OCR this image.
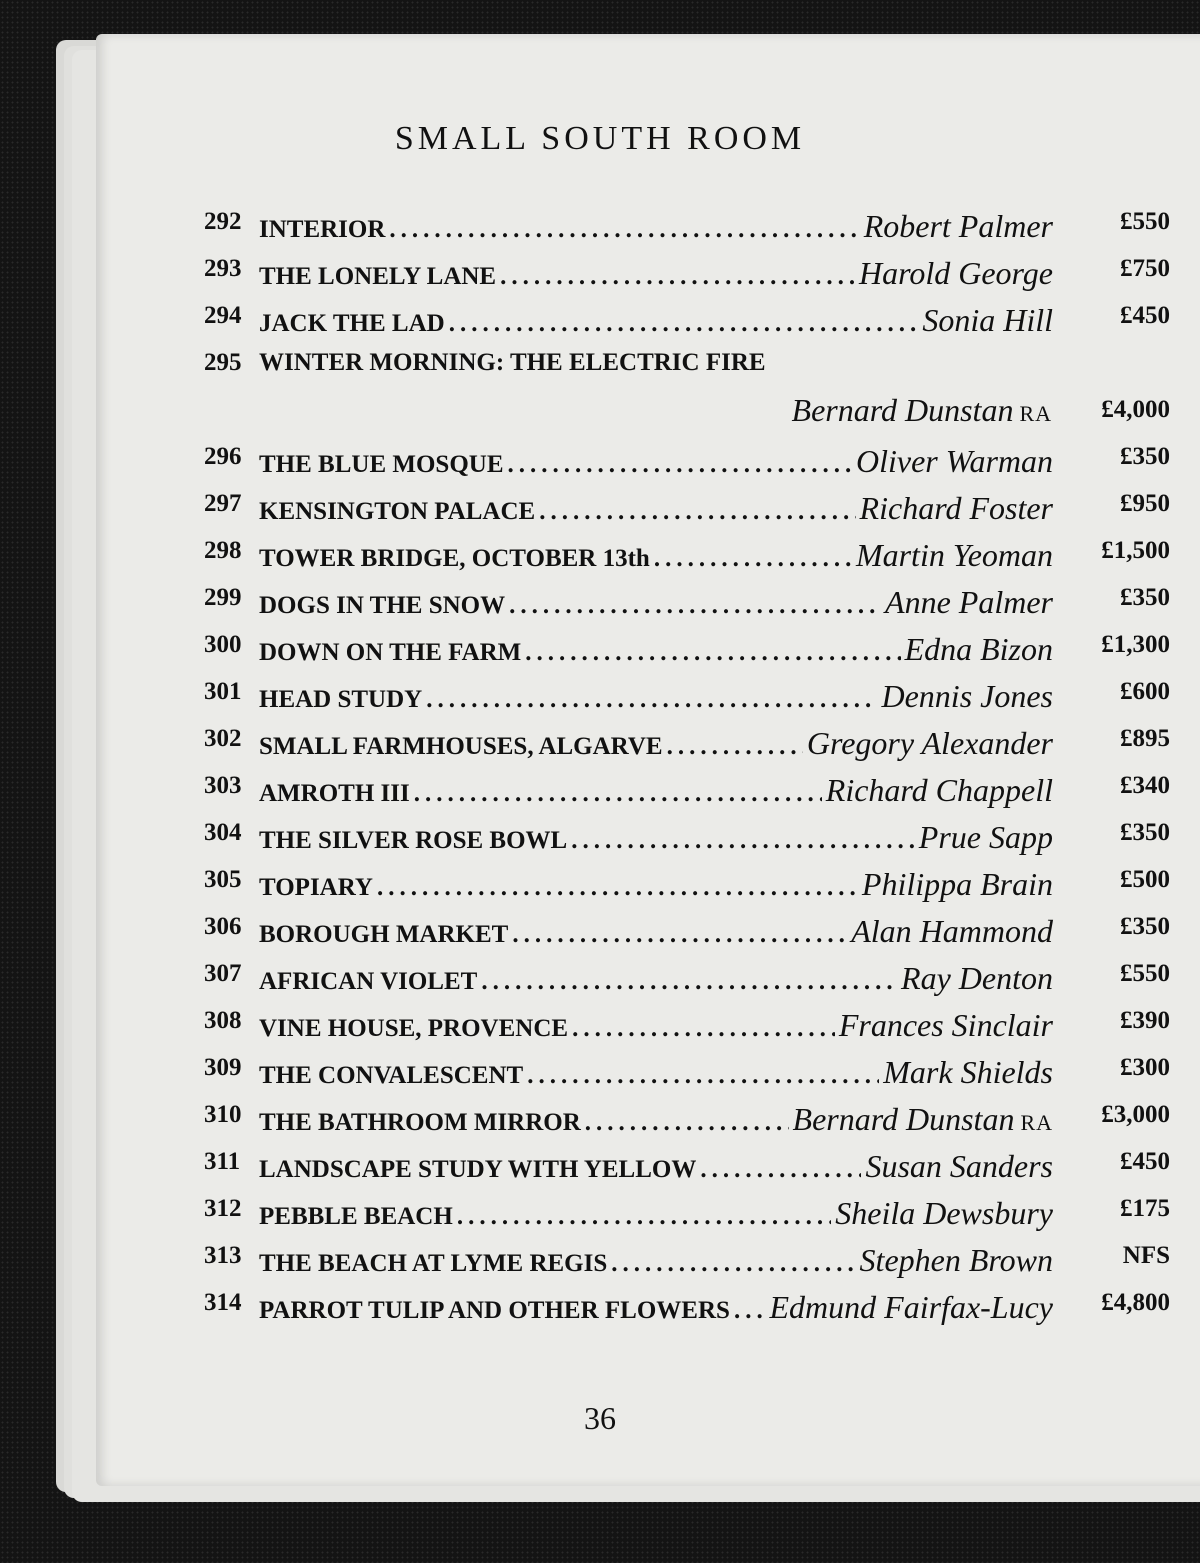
SMALL SOUTH ROOM
292 INTERIOR .....	Robert Palmer	£550
293 THE LONELY LANE .....	Harold George	£750
294 JACK THE LAD .....	Sonia Hill	£450
295 WINTER MORNING: THE ELECTRIC FIRE
Bernard Dunstan RA £4,000
296 THE BLUE MOSQUE .....	Oliver Warman	£350
297 KENSINGTON PALACE .....	Richard Foster	£950
298 TOWER BRIDGE, OCTOBER 13th .....	Martin Yeoman £1,500
299 DOGS IN THE SNOW .....	Anne Palmer	£350
300 DOWN ON THE FARM .....	Edna Bizon £1,300
301 HEAD STUDY .....	Dennis Jones	£600
302 SMALL FARMHOUSES, ALGARVE .....	Gregory Alexander	£895
303 AMROTH III .....	Richard Chappell	£340
304 THE SILVER ROSE BOWL .....	Prue Sapp	£350
305 TOPIARY .....	Philippa Brain	£500
306 BOROUGH MARKET .....	Alan Hammond	£350
307 AFRICAN VIOLET .....	Ray Denton	£550
308 VINE HOUSE, PROVENCE .....	Frances Sinclair	£390
309 THE CONVALESCENT .....	Mark Shields	£300
310 THE BATHROOM MIRROR .....	Bernard Dunstan RA £3,000
311 LANDSCAPE STUDY WITH YELLOW .....	Susan Sanders	£450
312 PEBBLE BEACH .....	Sheila Dewsbury	£175
313 THE BEACH AT LYME REGIS .....	Stephen Brown	NFS
314 PARROT TULIP AND OTHER FLOWERS ..... Edmund Fairfax-Lucy £4,800
36
